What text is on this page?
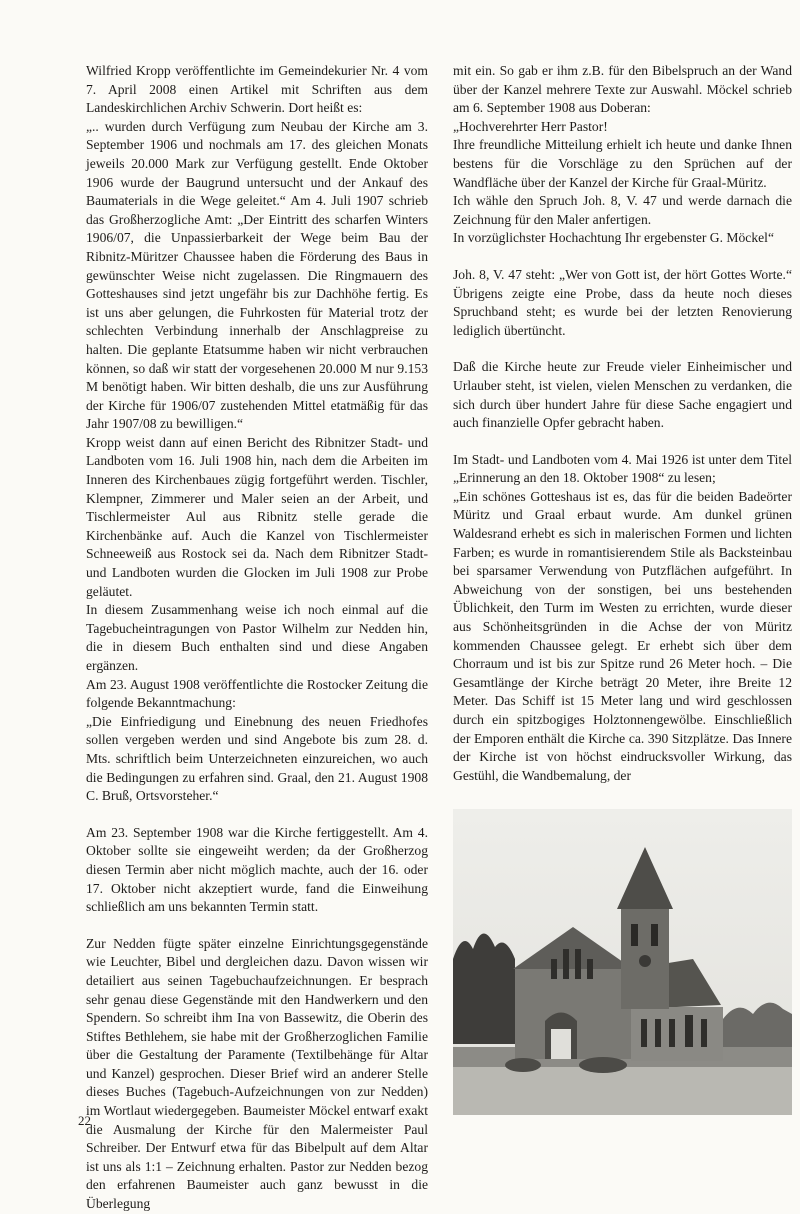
Wilfried Kropp veröffentlichte im Gemeindekurier Nr. 4 vom 7. April 2008 einen Artikel mit Schriften aus dem Landeskirchlichen Archiv Schwerin. Dort heißt es:

„.. wurden durch Verfügung zum Neubau der Kirche am 3. September 1906 und nochmals am 17. des gleichen Monats jeweils 20.000 Mark zur Verfügung gestellt. Ende Oktober 1906 wurde der Baugrund untersucht und der Ankauf des Baumaterials in die Wege geleitet.“ Am 4. Juli 1907 schrieb das Großherzogliche Amt: „Der Eintritt des scharfen Winters 1906/07, die Unpassierbarkeit der Wege beim Bau der Ribnitz-Müritzer Chaussee haben die Förderung des Baus in gewünschter Weise nicht zugelassen. Die Ringmauern des Gotteshauses sind jetzt ungefähr bis zur Dachhöhe fertig. Es ist uns aber gelungen, die Fuhrkosten für Material trotz der schlechten Verbindung innerhalb der Anschlagpreise zu halten. Die geplante Etatsumme haben wir nicht verbrauchen können, so daß wir statt der vorgesehenen 20.000 M nur 9.153 M benötigt haben. Wir bitten deshalb, die uns zur Ausführung der Kirche für 1906/07 zustehenden Mittel etatmäßig für das Jahr 1907/08 zu bewilligen.“

Kropp weist dann auf einen Bericht des Ribnitzer Stadt- und Landboten vom 16. Juli 1908 hin, nach dem die Arbeiten im Inneren des Kirchenbaues zügig fortgeführt werden. Tischler, Klempner, Zimmerer und Maler seien an der Arbeit, und Tischlermeister Aul aus Ribnitz stelle gerade die Kirchenbänke auf. Auch die Kanzel von Tischlermeister Schneeweiß aus Rostock sei da. Nach dem Ribnitzer Stadt- und Landboten wurden die Glocken im Juli 1908 zur Probe geläutet.

In diesem Zusammenhang weise ich noch einmal auf die Tagebucheintragungen von Pastor Wilhelm zur Nedden hin, die in diesem Buch enthalten sind und diese Angaben ergänzen.

Am 23. August 1908 veröffentlichte die Rostocker Zeitung die folgende Bekanntmachung:

„Die Einfriedigung und Einebnung des neuen Friedhofes sollen vergeben werden und sind Angebote bis zum 28. d. Mts. schriftlich beim Unterzeichneten einzureichen, wo auch die Bedingungen zu erfahren sind. Graal, den 21. August 1908 C. Bruß, Ortsvorsteher.“

Am 23. September 1908 war die Kirche fertiggestellt. Am 4. Oktober sollte sie eingeweiht werden; da der Großherzog diesen Termin aber nicht möglich machte, auch der 16. oder 17. Oktober nicht akzeptiert wurde, fand die Einweihung schließlich am uns bekannten Termin statt.

Zur Nedden fügte später einzelne Einrichtungsgegenstände wie Leuchter, Bibel und dergleichen dazu. Davon wissen wir detailiert aus seinen Tagebuchaufzeichnungen. Er besprach sehr genau diese Gegenstände mit den Handwerkern und den Spendern. So schreibt ihm Ina von Bassewitz, die Oberin des Stiftes Bethlehem, sie habe mit der Großherzoglichen Familie über die Gestaltung der Paramente (Textilbehänge für Altar und Kanzel) gesprochen. Dieser Brief wird an anderer Stelle dieses Buches (Tagebuch-Aufzeichnungen von zur Nedden) im Wortlaut wiedergegeben. Baumeister Möckel entwarf exakt die Ausmalung der Kirche für den Malermeister Paul Schreiber. Der Entwurf etwa für das Bibelpult auf dem Altar ist uns als 1:1 – Zeichnung erhalten. Pastor zur Nedden bezog den erfahrenen Baumeister auch ganz bewusst in die Überlegung

mit ein. So gab er ihm z.B. für den Bibelspruch an der Wand über der Kanzel mehrere Texte zur Auswahl. Möckel schrieb am 6. September 1908 aus Doberan:

„Hochverehrter Herr Pastor!

Ihre freundliche Mitteilung erhielt ich heute und danke Ihnen bestens für die Vorschläge zu den Sprüchen auf der Wandfläche über der Kanzel der Kirche für Graal-Müritz.

Ich wähle den Spruch Joh. 8, V. 47 und werde darnach die Zeichnung für den Maler anfertigen.

In vorzüglichster Hochachtung Ihr ergebenster G. Möckel“

Joh. 8, V. 47 steht: „Wer von Gott ist, der hört Gottes Worte.“ Übrigens zeigte eine Probe, dass da heute noch dieses Spruchband steht; es wurde bei der letzten Renovierung lediglich übertüncht.

Daß die Kirche heute zur Freude vieler Einheimischer und Urlauber steht, ist vielen, vielen Menschen zu verdanken, die sich durch über hundert Jahre für diese Sache engagiert und auch finanzielle Opfer gebracht haben.

Im Stadt- und Landboten vom 4. Mai 1926 ist unter dem Titel „Erinnerung an den 18. Oktober 1908“ zu lesen;

„Ein schönes Gotteshaus ist es, das für die beiden Badeörter Müritz und Graal erbaut wurde. Am dunkel grünen Waldesrand erhebt es sich in malerischen Formen und lichten Farben; es wurde in romantisierendem Stile als Backsteinbau bei sparsamer Verwendung von Putzflächen aufgeführt. In Abweichung von der sonstigen, bei uns bestehenden Üblichkeit, den Turm im Westen zu errichten, wurde dieser aus Schönheitsgründen in die Achse der von Müritz kommenden Chaussee gelegt. Er erhebt sich über dem Chorraum und ist bis zur Spitze rund 26 Meter hoch. – Die Gesamtlänge der Kirche beträgt 20 Meter, ihre Breite 12 Meter. Das Schiff ist 15 Meter lang und wird geschlossen durch ein spitzbogiges Holztonnengewölbe. Einschließlich der Emporen enthält die Kirche ca. 390 Sitzplätze. Das Innere der Kirche ist von höchst eindrucksvoller Wirkung, das Gestühl, die Wandbemalung, der

22
